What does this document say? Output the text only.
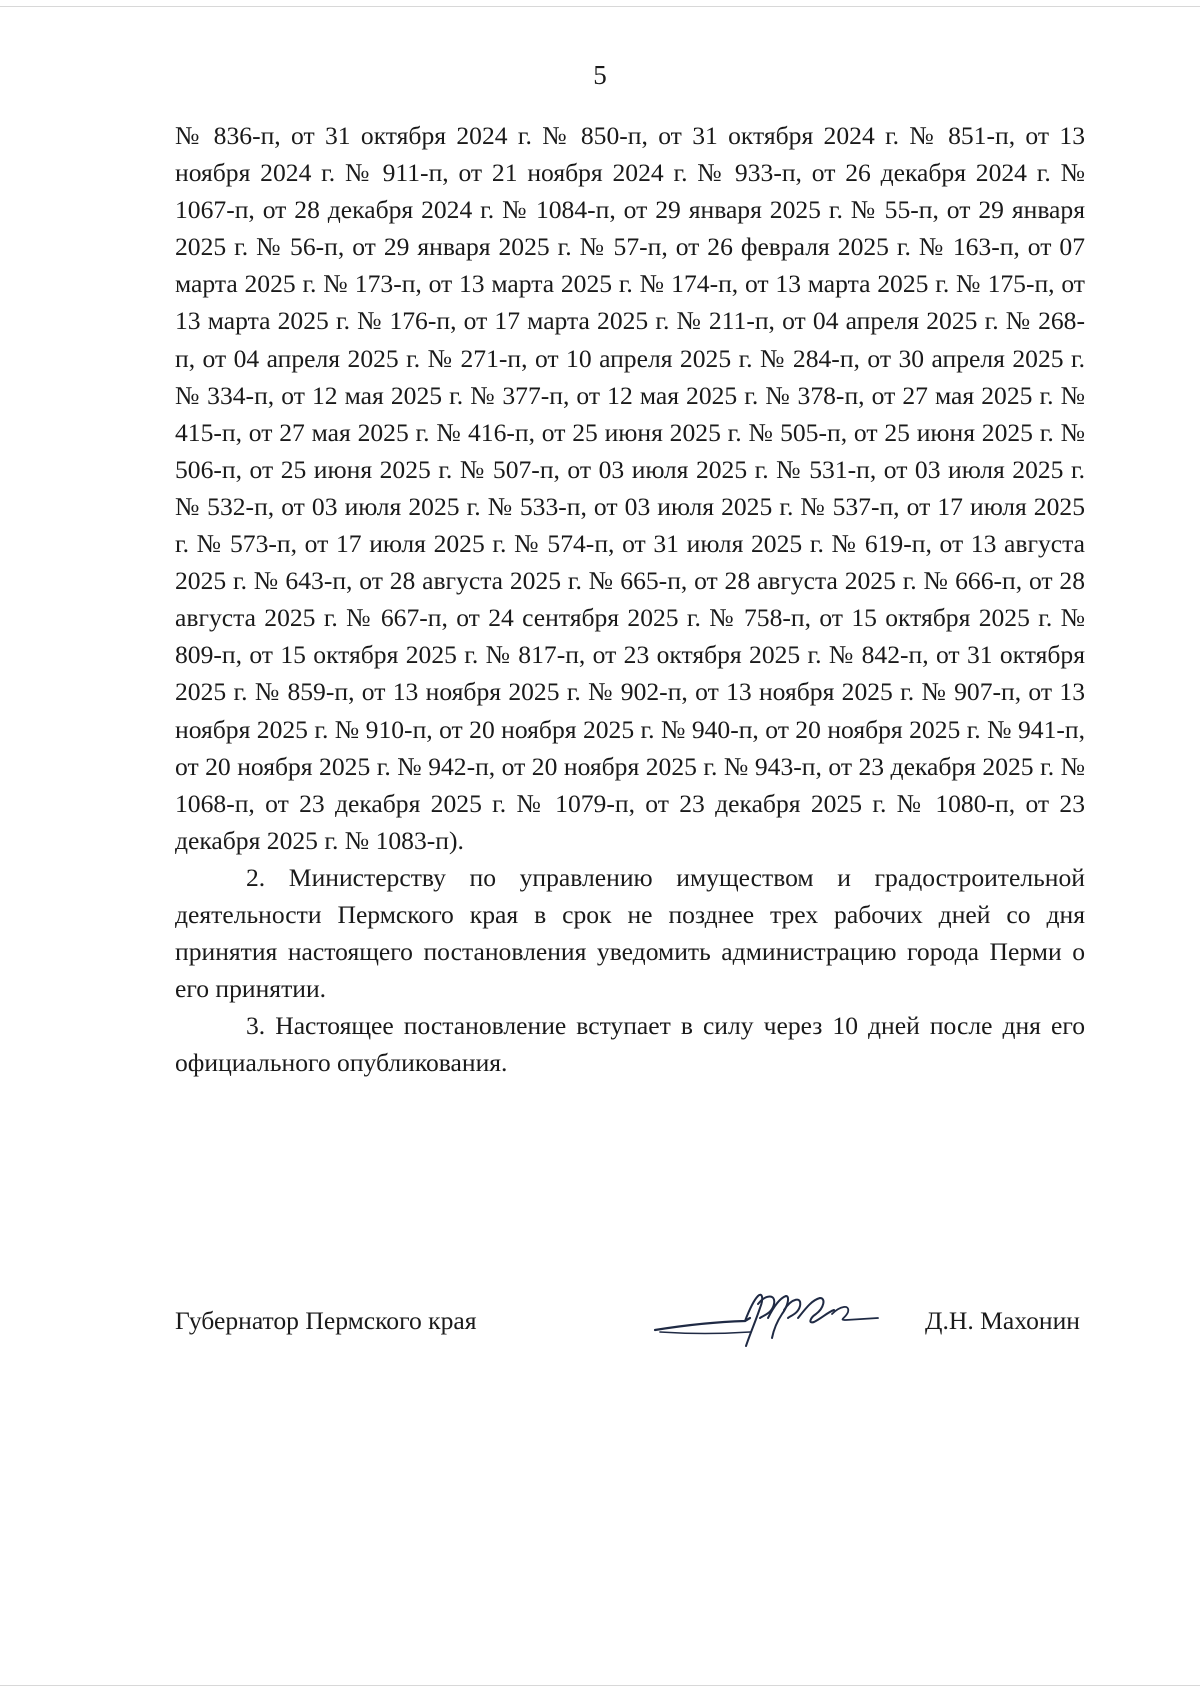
5

№ 836-п, от 31 октября 2024 г. № 850-п, от 31 октября 2024 г. № 851-п, от 13 ноября 2024 г. № 911-п, от 21 ноября 2024 г. № 933-п, от 26 декабря 2024 г. № 1067-п, от 28 декабря 2024 г. № 1084-п, от 29 января 2025 г. № 55-п, от 29 января 2025 г. № 56-п, от 29 января 2025 г. № 57-п, от 26 февраля 2025 г. № 163-п, от 07 марта 2025 г. № 173-п, от 13 марта 2025 г. № 174-п, от 13 марта 2025 г. № 175-п, от 13 марта 2025 г. № 176-п, от 17 марта 2025 г. № 211-п, от 04 апреля 2025 г. № 268-п, от 04 апреля 2025 г. № 271-п, от 10 апреля 2025 г. № 284-п, от 30 апреля 2025 г. № 334-п, от 12 мая 2025 г. № 377-п, от 12 мая 2025 г. № 378-п, от 27 мая 2025 г. № 415-п, от 27 мая 2025 г. № 416-п, от 25 июня 2025 г. № 505-п, от 25 июня 2025 г. № 506-п, от 25 июня 2025 г. № 507-п, от 03 июля 2025 г. № 531-п, от 03 июля 2025 г. № 532-п, от 03 июля 2025 г. № 533-п, от 03 июля 2025 г. № 537-п, от 17 июля 2025 г. № 573-п, от 17 июля 2025 г. № 574-п, от 31 июля 2025 г. № 619-п, от 13 августа 2025 г. № 643-п, от 28 августа 2025 г. № 665-п, от 28 августа 2025 г. № 666-п, от 28 августа 2025 г. № 667-п, от 24 сентября 2025 г. № 758-п, от 15 октября 2025 г. № 809-п, от 15 октября 2025 г. № 817-п, от 23 октября 2025 г. № 842-п, от 31 октября 2025 г. № 859-п, от 13 ноября 2025 г. № 902-п, от 13 ноября 2025 г. № 907-п, от 13 ноября 2025 г. № 910-п, от 20 ноября 2025 г. № 940-п, от 20 ноября 2025 г. № 941-п, от 20 ноября 2025 г. № 942-п, от 20 ноября 2025 г. № 943-п, от 23 декабря 2025 г. № 1068-п, от 23 декабря 2025 г. № 1079-п, от 23 декабря 2025 г. № 1080-п, от 23 декабря 2025 г. № 1083-п).

2. Министерству по управлению имуществом и градостроительной деятельности Пермского края в срок не позднее трех рабочих дней со дня принятия настоящего постановления уведомить администрацию города Перми о его принятии.

3. Настоящее постановление вступает в силу через 10 дней после дня его официального опубликования.

Губернатор Пермского края	Д.Н. Махонин
